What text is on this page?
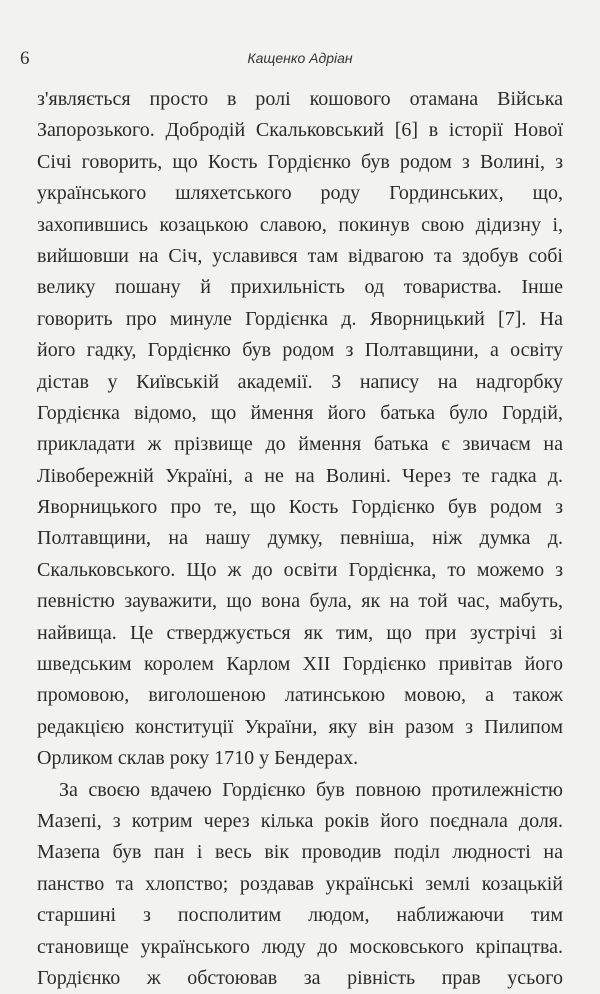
6	Кащенко Адріан
з'являється просто в ролі кошового отамана Війська
Запорозького. Добродій Скальковський [6] в історії Нової
Січі говорить, що Кость Гордієнко був родом з Волині, з
українського шляхетського роду Гординських, що,
захопившись козацькою славою, покинув свою дідизну і,
вийшовши на Січ, уславився там відвагою та здобув собі
велику пошану й прихильність од товариства. Інше
говорить про минуле Гордієнка д. Яворницький [7]. На
його гадку, Гордієнко був родом з Полтавщини, а освіту
дістав у Київській академії. З напису на надгорбку
Гордієнка відомо, що ймення його батька було Гордій,
прикладати ж прізвище до ймення батька є звичаєм на
Лівобережній Україні, а не на Волині. Через те гадка д.
Яворницького про те, що Кость Гордієнко був родом з
Полтавщини, на нашу думку, певніша, ніж думка д.
Скальковського. Що ж до освіти Гордієнка, то можемо з
певністю зауважити, що вона була, як на той час, мабуть,
найвища. Це стверджується як тим, що при зустрічі зі
шведським королем Карлом XII Гордієнко привітав його
промовою, виголошеною латинською мовою, а також
редакцією конституції України, яку він разом з Пилипом
Орликом склав року 1710 у Бендерах.
За своєю вдачею Гордієнко був повною протилежністю
Мазепі, з котрим через кілька років його поєднала доля.
Мазепа був пан і весь вік проводив поділ людності на
панство та хлопство; роздавав українські землі козацькій
старшині з посполитим людом, наближаючи тим
становище українського люду до московського кріпацтва.
Гордієнко ж обстоював за рівність прав усього
